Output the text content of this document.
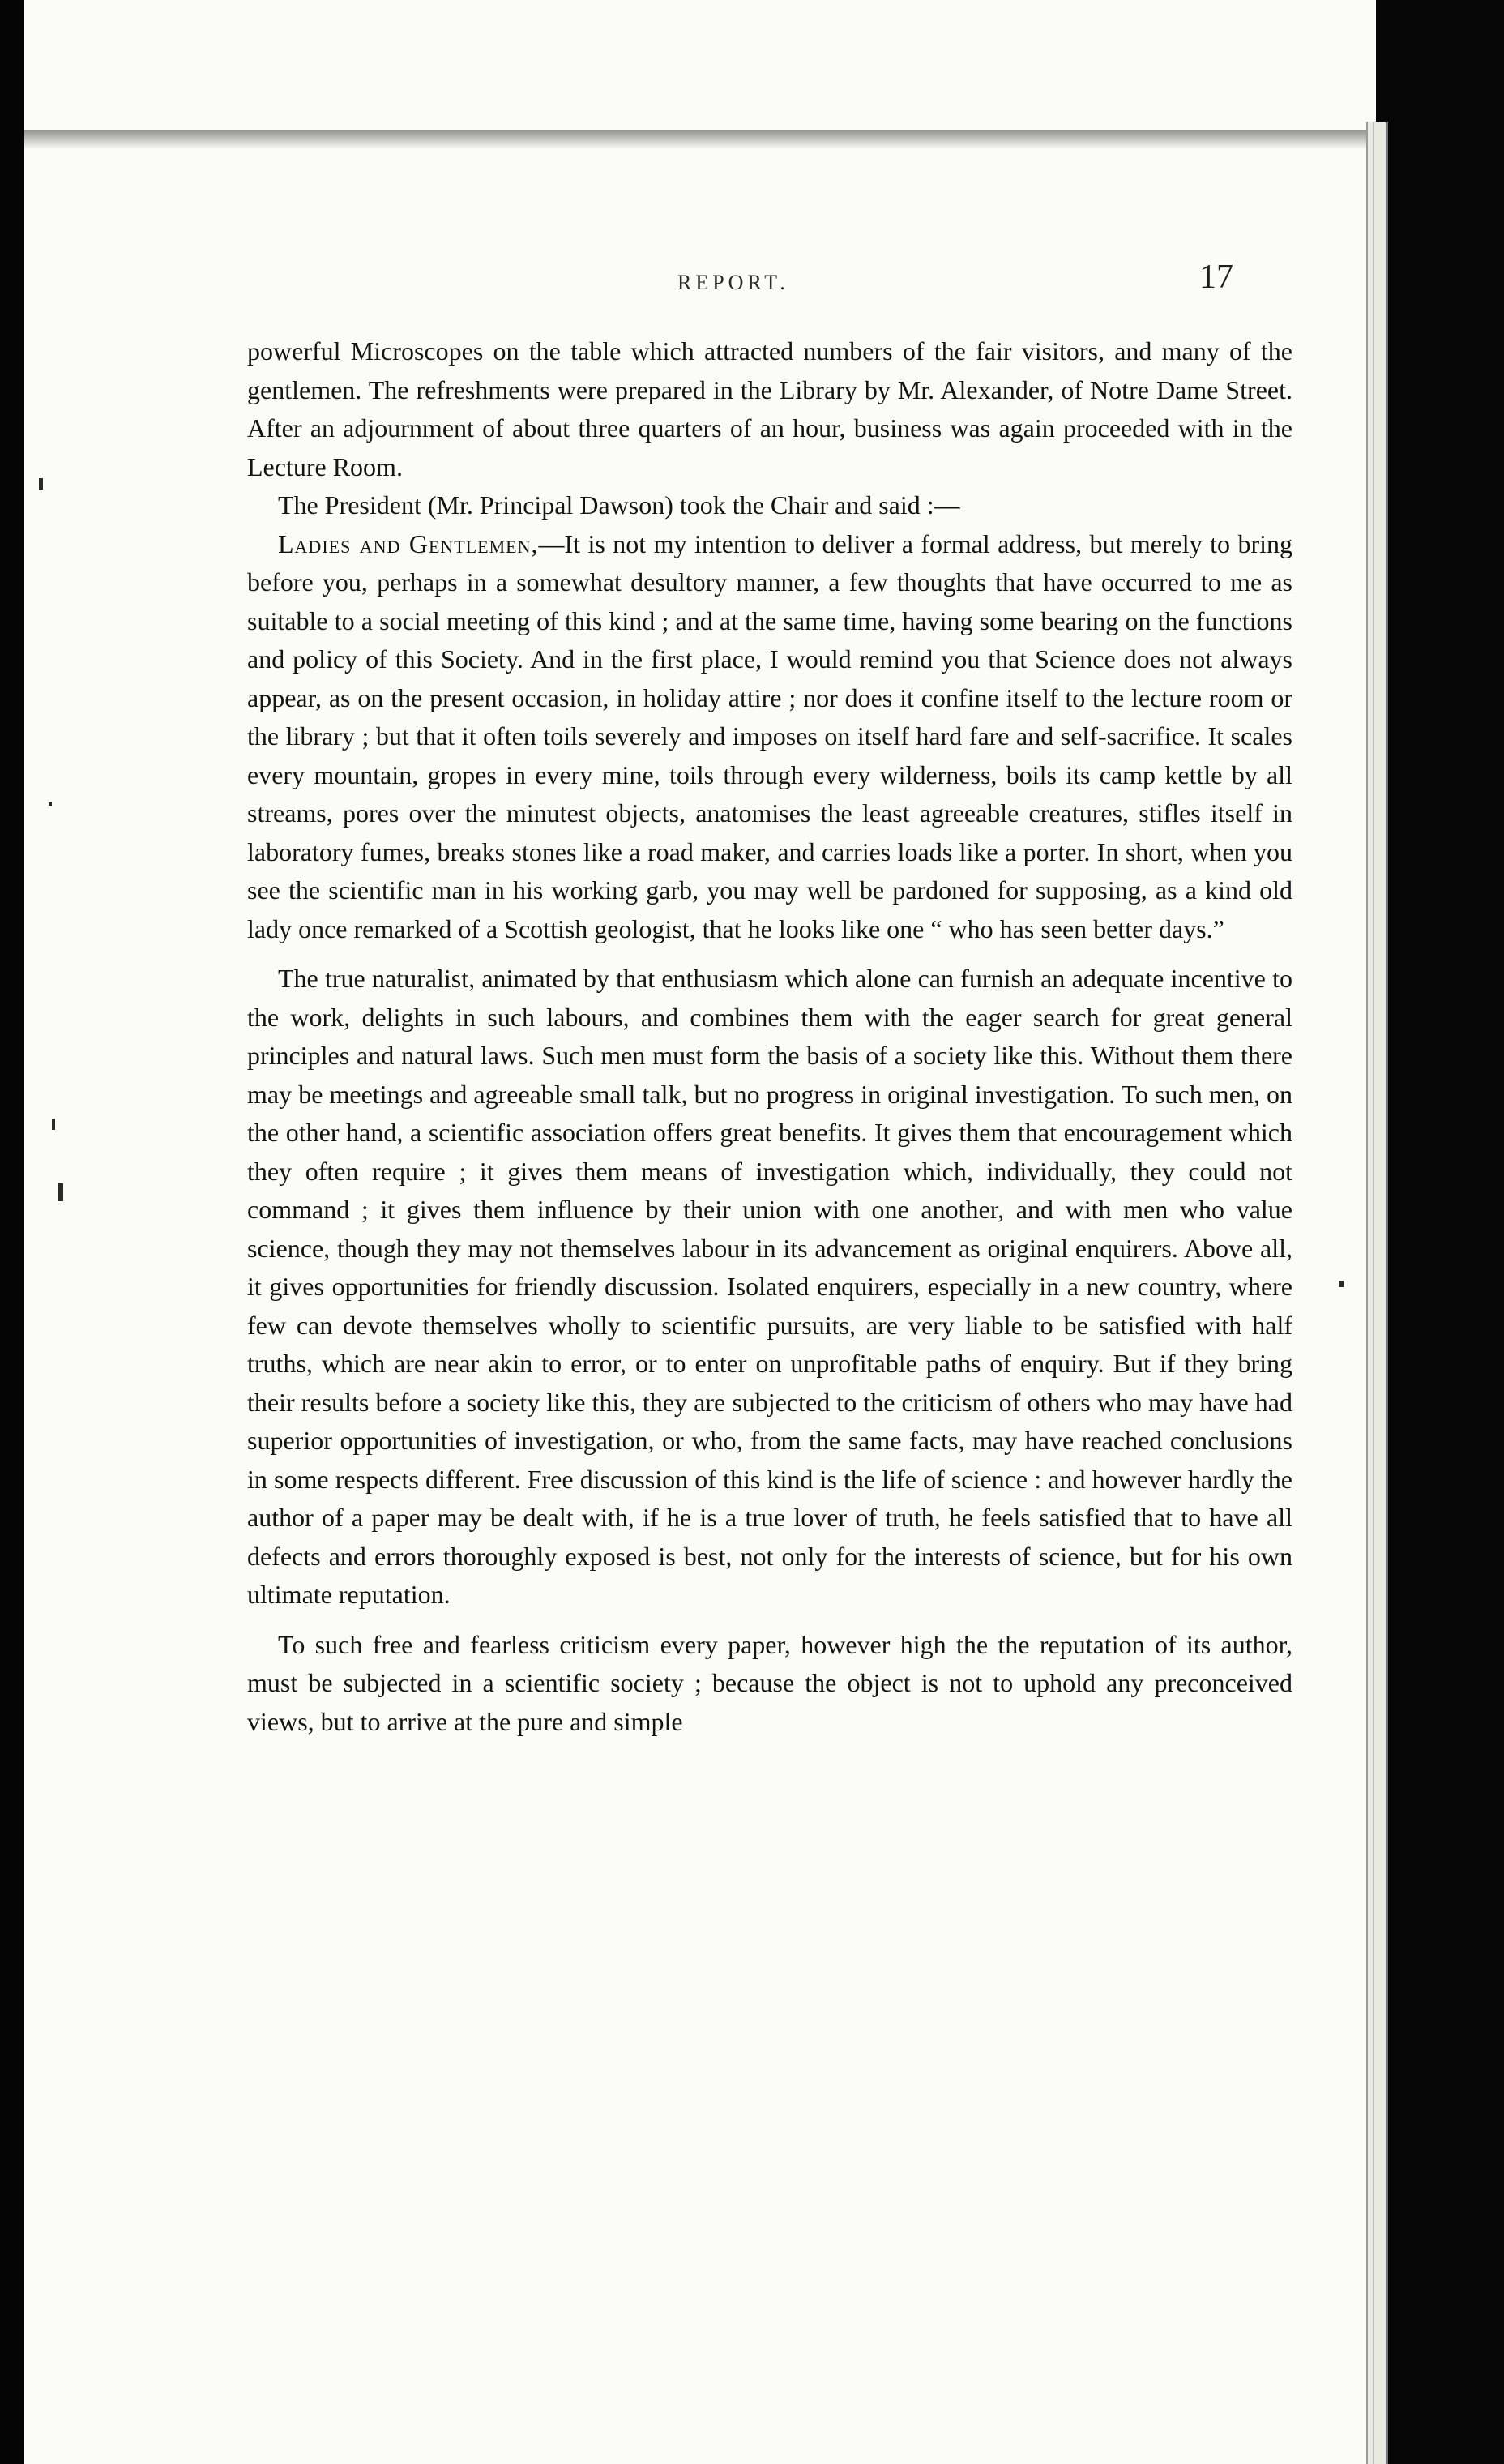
REPORT.	17

powerful Microscopes on the table which attracted numbers of the fair visitors, and many of the gentlemen. The refreshments were prepared in the Library by Mr. Alexander, of Notre Dame Street. After an adjournment of about three quarters of an hour, business was again proceeded with in the Lecture Room.

The President (Mr. Principal Dawson) took the Chair and said :—

Ladies and Gentlemen,—It is not my intention to deliver a formal address, but merely to bring before you, perhaps in a somewhat desultory manner, a few thoughts that have occurred to me as suitable to a social meeting of this kind ; and at the same time, having some bearing on the functions and policy of this Society. And in the first place, I would remind you that Science does not always appear, as on the present occasion, in holiday attire ; nor does it confine itself to the lecture room or the library ; but that it often toils severely and imposes on itself hard fare and self-sacrifice. It scales every mountain, gropes in every mine, toils through every wilderness, boils its camp kettle by all streams, pores over the minutest objects, anatomises the least agreeable creatures, stifles itself in laboratory fumes, breaks stones like a road maker, and carries loads like a porter. In short, when you see the scientific man in his working garb, you may well be pardoned for supposing, as a kind old lady once remarked of a Scottish geologist, that he looks like one “ who has seen better days.”

The true naturalist, animated by that enthusiasm which alone can furnish an adequate incentive to the work, delights in such labours, and combines them with the eager search for great general principles and natural laws. Such men must form the basis of a society like this. Without them there may be meetings and agreeable small talk, but no progress in original investigation. To such men, on the other hand, a scientific association offers great benefits. It gives them that encouragement which they often require ; it gives them means of investigation which, individually, they could not command ; it gives them influence by their union with one another, and with men who value science, though they may not themselves labour in its advancement as original enquirers. Above all, it gives opportunities for friendly discussion. Isolated enquirers, especially in a new country, where few can devote themselves wholly to scientific pursuits, are very liable to be satisfied with half truths, which are near akin to error, or to enter on unprofitable paths of enquiry. But if they bring their results before a society like this, they are subjected to the criticism of others who may have had superior opportunities of investigation, or who, from the same facts, may have reached conclusions in some respects different. Free discussion of this kind is the life of science : and however hardly the author of a paper may be dealt with, if he is a true lover of truth, he feels satisfied that to have all defects and errors thoroughly exposed is best, not only for the interests of science, but for his own ultimate reputation.

To such free and fearless criticism every paper, however high the the reputation of its author, must be subjected in a scientific society ; because the object is not to uphold any preconceived views, but to arrive at the pure and simple
